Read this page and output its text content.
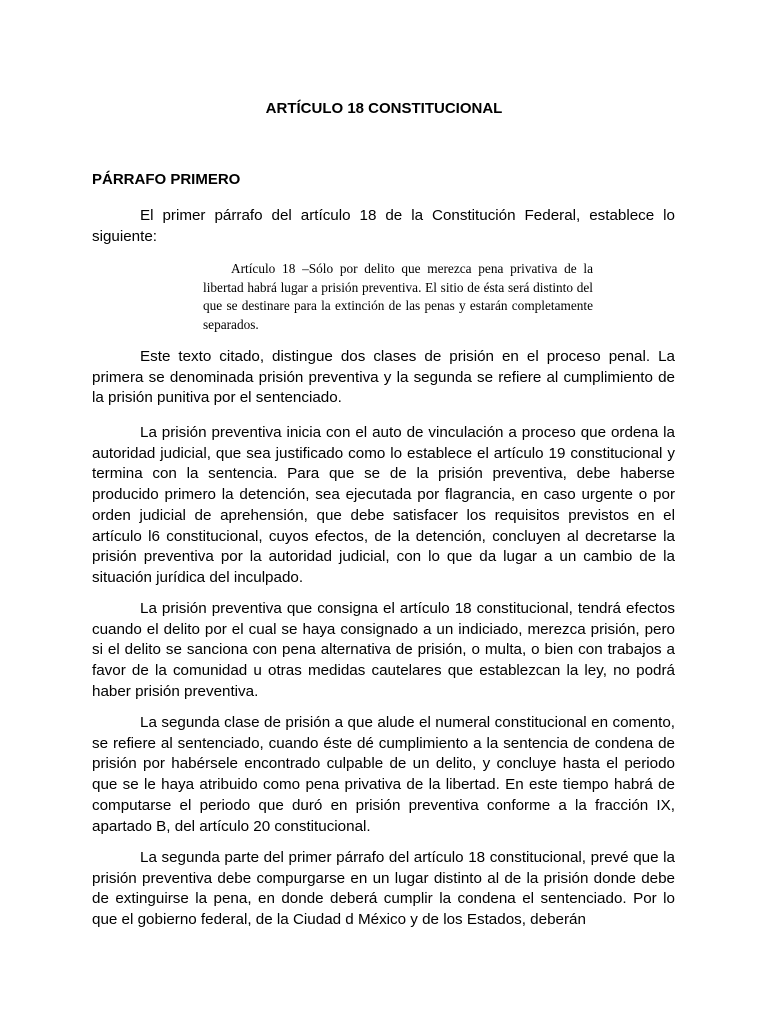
ARTÍCULO 18 CONSTITUCIONAL
PÁRRAFO PRIMERO

El primer párrafo del artículo 18 de la Constitución Federal, establece lo siguiente:

Artículo 18 –Sólo por delito que merezca pena privativa de la libertad habrá lugar a prisión preventiva. El sitio de ésta será distinto del que se destinare para la extinción de las penas y estarán completamente separados.

Este texto citado, distingue dos clases de prisión en el proceso penal. La primera se denominada prisión preventiva y la segunda se refiere al cumplimiento de la prisión punitiva por el sentenciado.

La prisión preventiva inicia con el auto de vinculación a proceso que ordena la autoridad judicial, que sea justificado como lo establece el artículo 19 constitucional y termina con la sentencia. Para que se de la prisión preventiva, debe haberse producido primero la detención, sea ejecutada por flagrancia, en caso urgente o por orden judicial de aprehensión, que debe satisfacer los requisitos previstos en el artículo l6 constitucional, cuyos efectos, de la detención, concluyen al decretarse la prisión preventiva por la autoridad judicial, con lo que da lugar a un cambio de la situación jurídica del inculpado.

La prisión preventiva que consigna el artículo 18 constitucional, tendrá efectos cuando el delito por el cual se haya consignado a un indiciado, merezca prisión, pero si el delito se sanciona con pena alternativa de prisión, o multa, o bien con trabajos a favor de la comunidad u otras medidas cautelares que establezcan la ley, no podrá haber prisión preventiva.

La segunda clase de prisión a que alude el numeral constitucional en comento, se refiere al sentenciado, cuando éste dé cumplimiento a la sentencia de condena de prisión por habérsele encontrado culpable de un delito, y concluye hasta el periodo que se le haya atribuido como pena privativa de la libertad. En este tiempo habrá de computarse el periodo que duró en prisión preventiva conforme a la fracción IX, apartado B, del artículo 20 constitucional.

La segunda parte del primer párrafo del artículo 18 constitucional, prevé que la prisión preventiva debe compurgarse en un lugar distinto al de la prisión donde debe de extinguirse la pena, en donde deberá cumplir la condena el sentenciado. Por lo que el gobierno federal, de la Ciudad d México y de los Estados, deberán
